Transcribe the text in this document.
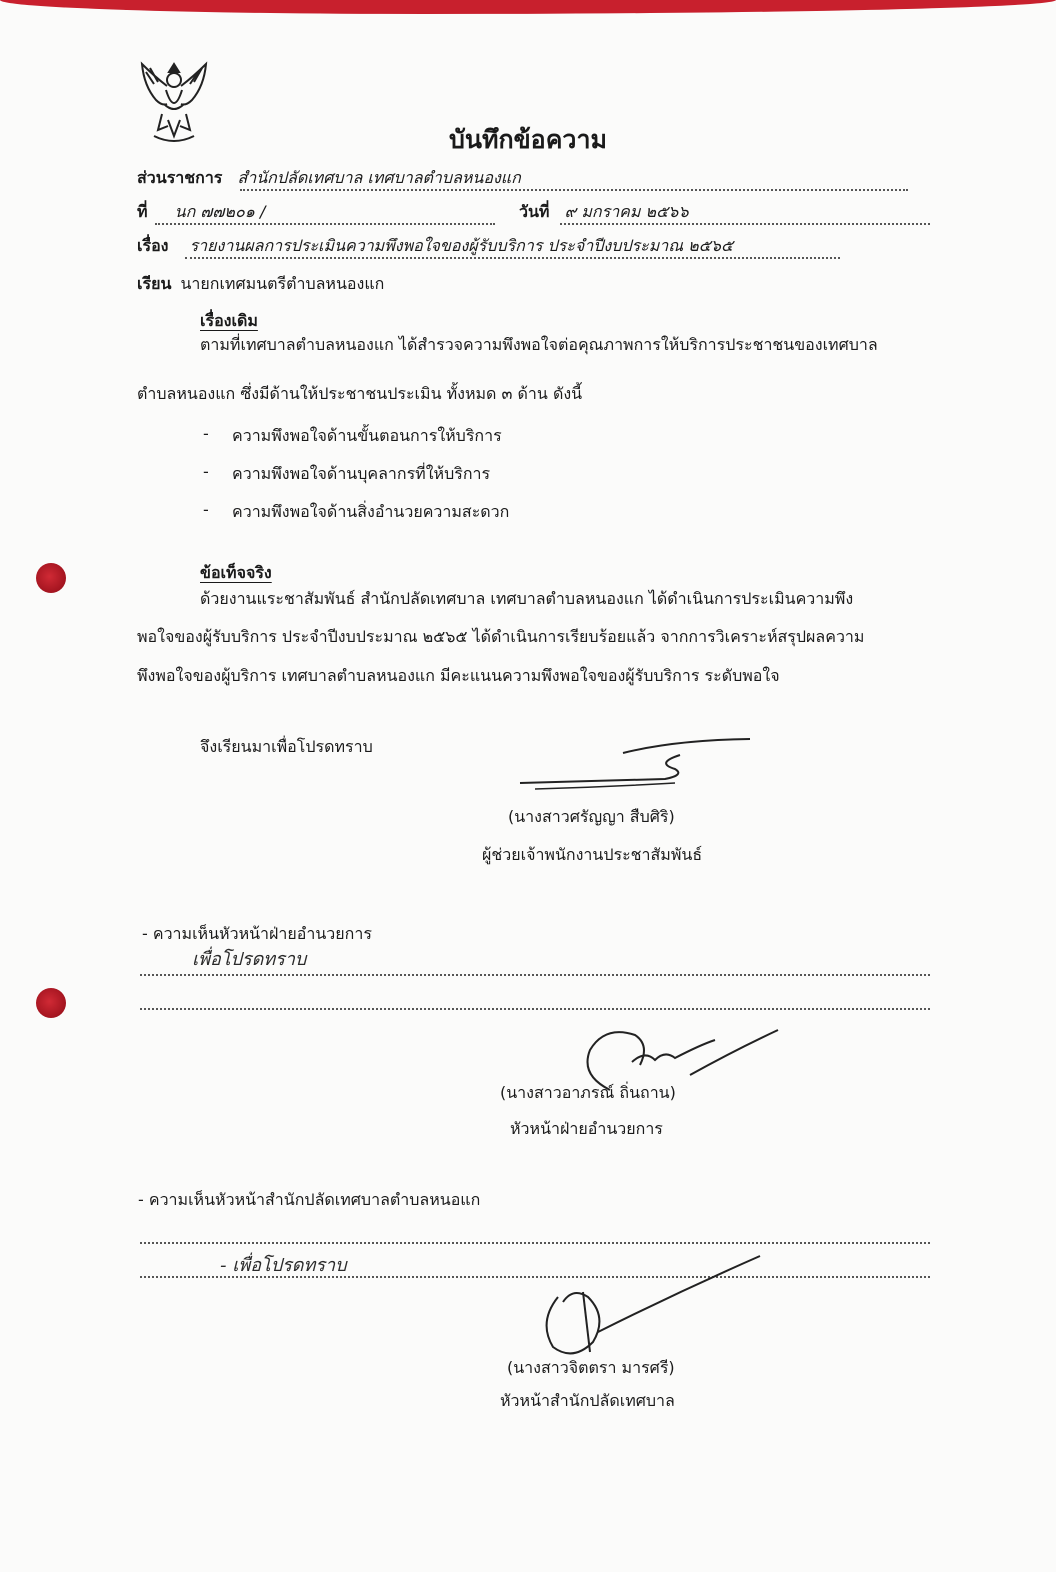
บันทึกข้อความ
ส่วนราชการ สำนักปลัดเทศบาล เทศบาลตำบลหนองแก
ที่ นก ๗๗๒๐๑ /	วันที่ ๙ มกราคม ๒๕๖๖
เรื่อง รายงานผลการประเมินความพึงพอใจของผู้รับบริการ ประจำปีงบประมาณ ๒๕๖๕
เรียน นายกเทศมนตรีตำบลหนองแก
เรื่องเดิม
ตามที่เทศบาลตำบลหนองแก ได้สำรวจความพึงพอใจต่อคุณภาพการให้บริการประชาชนของเทศบาล
ตำบลหนองแก ซึ่งมีด้านให้ประชาชนประเมิน ทั้งหมด ๓ ด้าน ดังนี้
- ความพึงพอใจด้านขั้นตอนการให้บริการ
- ความพึงพอใจด้านบุคลากรที่ให้บริการ
- ความพึงพอใจด้านสิ่งอำนวยความสะดวก
ข้อเท็จจริง
ด้วยงานแระชาสัมพันธ์ สำนักปลัดเทศบาล เทศบาลตำบลหนองแก ได้ดำเนินการประเมินความพึง
พอใจของผู้รับบริการ ประจำปีงบประมาณ ๒๕๖๕ ได้ดำเนินการเรียบร้อยแล้ว จากการวิเคราะห์สรุปผลความ
พึงพอใจของผู้บริการ เทศบาลตำบลหนองแก มีคะแนนความพึงพอใจของผู้รับบริการ ระดับพอใจ
จึงเรียนมาเพื่อโปรดทราบ
(นางสาวศรัญญา สืบศิริ)
ผู้ช่วยเจ้าพนักงานประชาสัมพันธ์
- ความเห็นหัวหน้าฝ่ายอำนวยการ
เพื่อโปรดทราบ
(นางสาวอาภรณ์ ถิ่นถาน)
หัวหน้าฝ่ายอำนวยการ
- ความเห็นหัวหน้าสำนักปลัดเทศบาลตำบลหนอแก
- เพื่อโปรดทราบ
(นางสาวจิตตรา มารศรี)
หัวหน้าสำนักปลัดเทศบาล
